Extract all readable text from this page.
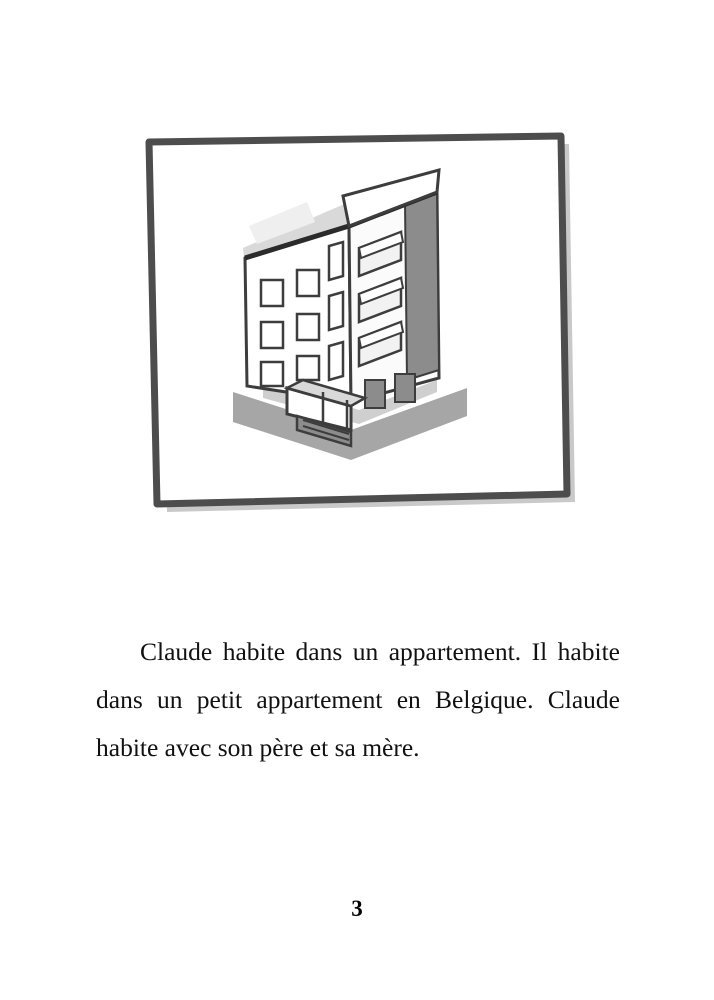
Claude habite dans un appartement. Il habite dans un petit appartement en Belgique. Claude habite avec son père et sa mère.

3
